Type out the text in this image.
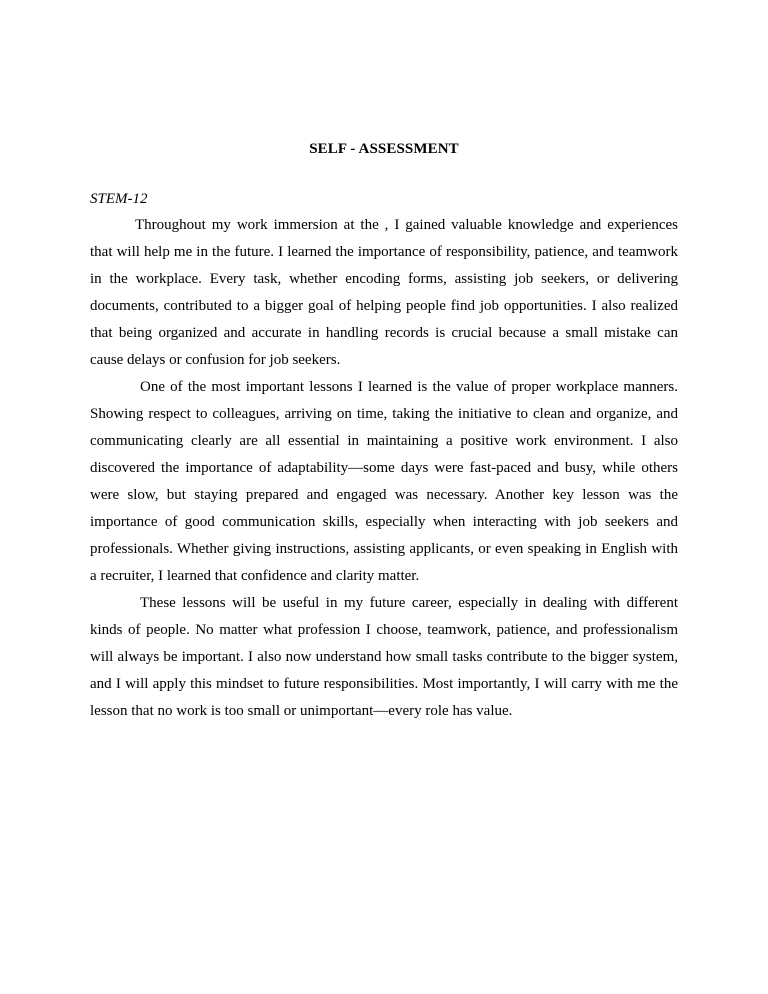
SELF - ASSESSMENT
STEM-12

Throughout my work immersion at the , I gained valuable knowledge and experiences that will help me in the future. I learned the importance of responsibility, patience, and teamwork in the workplace. Every task, whether encoding forms, assisting job seekers, or delivering documents, contributed to a bigger goal of helping people find job opportunities. I also realized that being organized and accurate in handling records is crucial because a small mistake can cause delays or confusion for job seekers.

One of the most important lessons I learned is the value of proper workplace manners. Showing respect to colleagues, arriving on time, taking the initiative to clean and organize, and communicating clearly are all essential in maintaining a positive work environment. I also discovered the importance of adaptability—some days were fast-paced and busy, while others were slow, but staying prepared and engaged was necessary. Another key lesson was the importance of good communication skills, especially when interacting with job seekers and professionals. Whether giving instructions, assisting applicants, or even speaking in English with a recruiter, I learned that confidence and clarity matter.

These lessons will be useful in my future career, especially in dealing with different kinds of people. No matter what profession I choose, teamwork, patience, and professionalism will always be important. I also now understand how small tasks contribute to the bigger system, and I will apply this mindset to future responsibilities. Most importantly, I will carry with me the lesson that no work is too small or unimportant—every role has value.
